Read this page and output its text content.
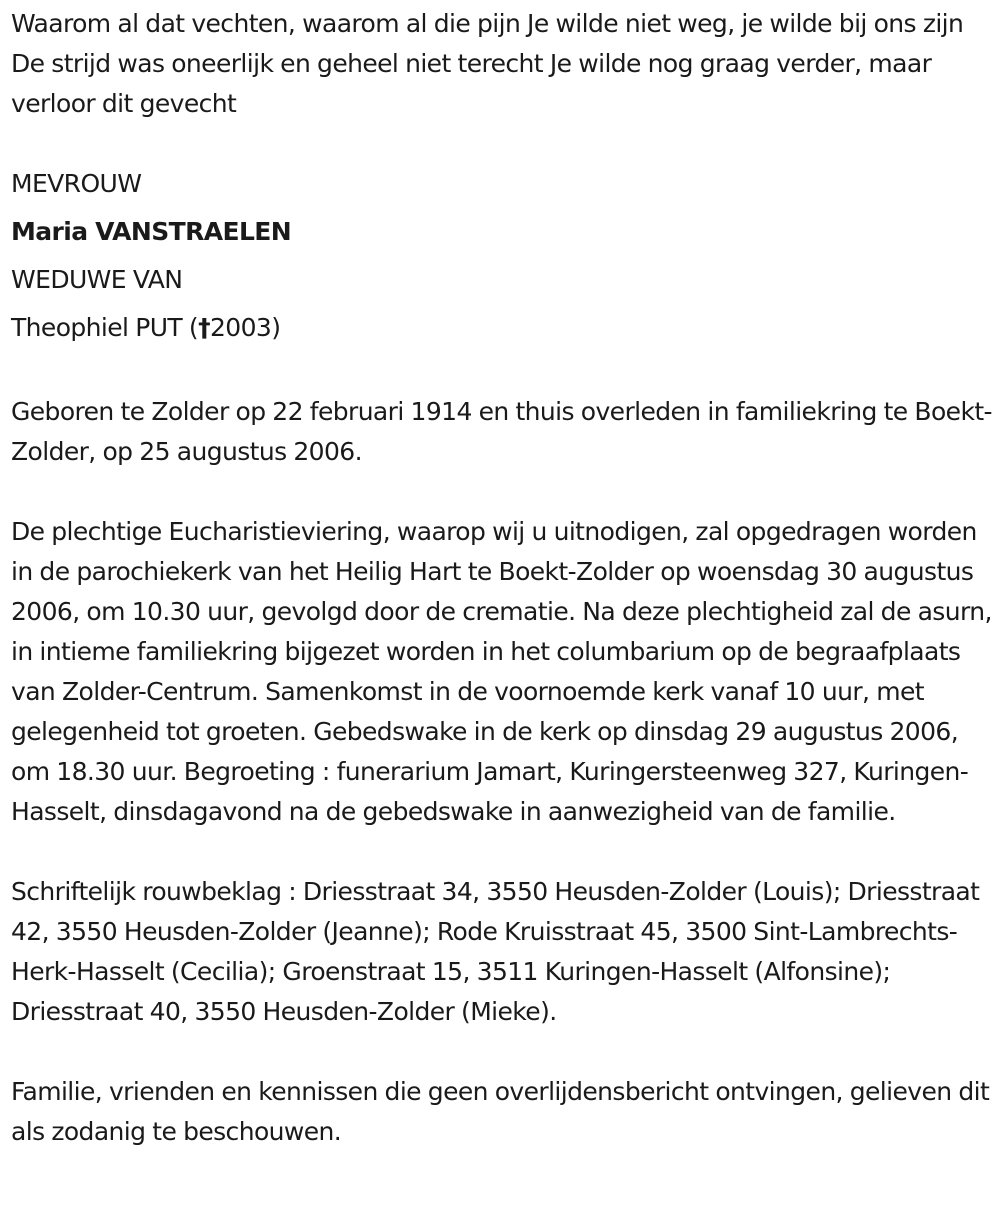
Waarom al dat vechten, waarom al die pijn Je wilde niet weg, je wilde bij ons zijn De strijd was oneerlijk en geheel niet terecht Je wilde nog graag verder, maar verloor dit gevecht

MEVROUW
Maria VANSTRAELEN
WEDUWE VAN
Theophiel PUT (†2003)

Geboren te Zolder op 22 februari 1914 en thuis overleden in familiekring te Boekt-Zolder, op 25 augustus 2006.

De plechtige Eucharistieviering, waarop wij u uitnodigen, zal opgedragen worden in de parochiekerk van het Heilig Hart te Boekt-Zolder op woensdag 30 augustus 2006, om 10.30 uur, gevolgd door de crematie. Na deze plechtigheid zal de asurn, in intieme familiekring bijgezet worden in het columbarium op de begraafplaats van Zolder-Centrum. Samenkomst in de voornoemde kerk vanaf 10 uur, met gelegenheid tot groeten. Gebedswake in de kerk op dinsdag 29 augustus 2006, om 18.30 uur. Begroeting : funerarium Jamart, Kuringersteenweg 327, Kuringen-Hasselt, dinsdagavond na de gebedswake in aanwezigheid van de familie.

Schriftelijk rouwbeklag : Driesstraat 34, 3550 Heusden-Zolder (Louis); Driesstraat 42, 3550 Heusden-Zolder (Jeanne); Rode Kruisstraat 45, 3500 Sint-Lambrechts-Herk-Hasselt (Cecilia); Groenstraat 15, 3511 Kuringen-Hasselt (Alfonsine); Driesstraat 40, 3550 Heusden-Zolder (Mieke).

Familie, vrienden en kennissen die geen overlijdensbericht ontvingen, gelieven dit als zodanig te beschouwen.
